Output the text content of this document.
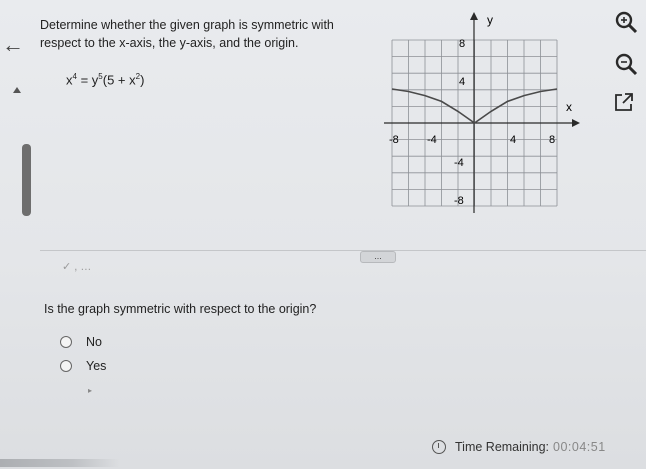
←
Determine whether the given graph is symmetric with respect to the x-axis, the y-axis, and the origin.
$x^4 = y^5(5 + x^2)$
y
x
8
4
-4
-8
-8	-4	4	8
...
✓ , …
Is the graph symmetric with respect to the origin?
No
Yes
▸
Time Remaining: 00:04:51
